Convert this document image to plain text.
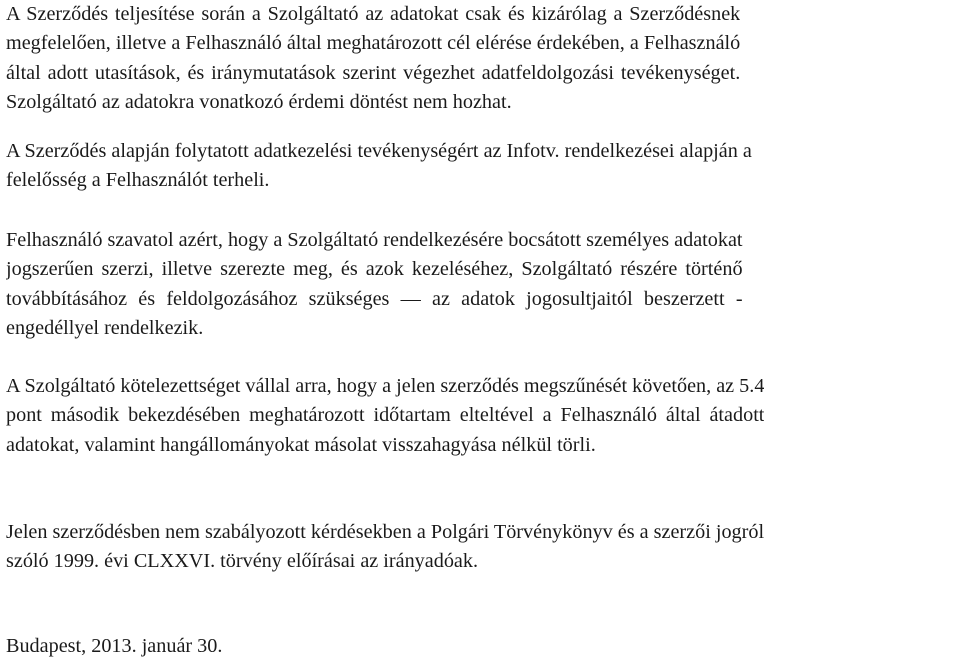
A Szerződés teljesítése során a Szolgáltató az adatokat csak és kizárólag a Szerződésnek
megfelelően, illetve a Felhasználó által meghatározott cél elérése érdekében, a Felhasználó
által adott utasítások, és iránymutatások szerint végezhet adatfeldolgozási tevékenységet.
Szolgáltató az adatokra vonatkozó érdemi döntést nem hozhat.

A Szerződés alapján folytatott adatkezelési tevékenységért az Infotv. rendelkezései alapján a
felelősség a Felhasználót terheli.

Felhasználó szavatol azért, hogy a Szolgáltató rendelkezésére bocsátott személyes adatokat
jogszerűen szerzi, illetve szerezte meg, és azok kezeléséhez, Szolgáltató részére történő
továbbításához és feldolgozásához szükséges — az adatok jogosultjaitól beszerzett -
engedéllyel rendelkezik.

A Szolgáltató kötelezettséget vállal arra, hogy a jelen szerződés megszűnését követően, az 5.4
pont második bekezdésében meghatározott időtartam elteltével a Felhasználó által átadott
adatokat, valamint hangállományokat másolat visszahagyása nélkül törli.

Jelen szerződésben nem szabályozott kérdésekben a Polgári Törvénykönyv és a szerzői jogról
szóló 1999. évi CLXXVI. törvény előírásai az irányadóak.

Budapest, 2013. január 30.
